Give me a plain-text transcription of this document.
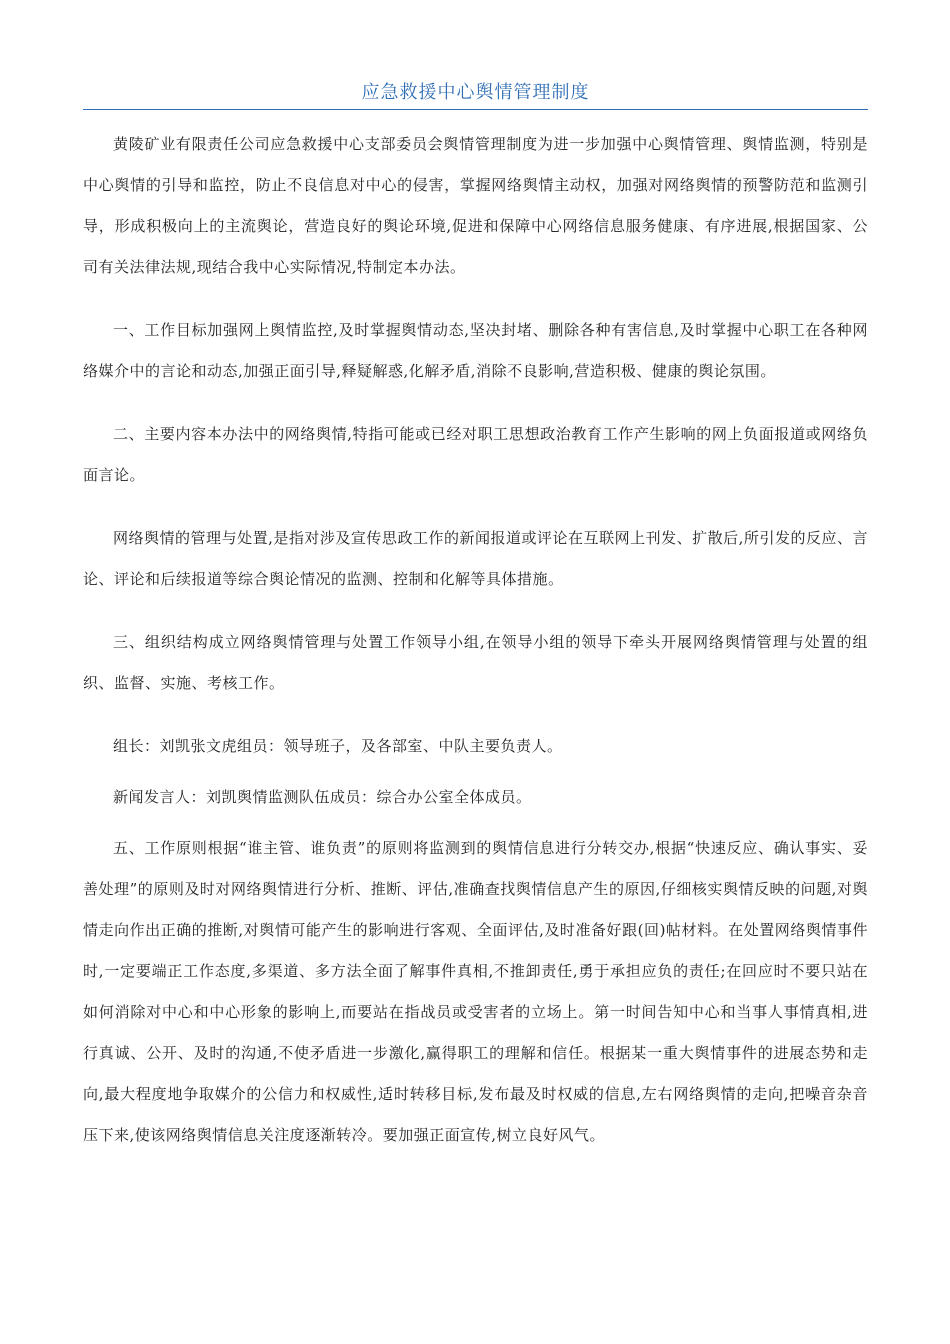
应急救援中心舆情管理制度

黄陵矿业有限责任公司应急救援中心支部委员会舆情管理制度为进一步加强中心舆情管理、舆情监测，特别是中心舆情的引导和监控，防止不良信息对中心的侵害，掌握网络舆情主动权，加强对网络舆情的预警防范和监测引导，形成积极向上的主流舆论，营造良好的舆论环境,促进和保障中心网络信息服务健康、有序进展,根据国家、公司有关法律法规,现结合我中心实际情况,特制定本办法。

一、工作目标加强网上舆情监控,及时掌握舆情动态,坚决封堵、删除各种有害信息,及时掌握中心职工在各种网络媒介中的言论和动态,加强正面引导,释疑解惑,化解矛盾,消除不良影响,营造积极、健康的舆论氛围。

二、主要内容本办法中的网络舆情,特指可能或已经对职工思想政治教育工作产生影响的网上负面报道或网络负面言论。

网络舆情的管理与处置,是指对涉及宣传思政工作的新闻报道或评论在互联网上刊发、扩散后,所引发的反应、言论、评论和后续报道等综合舆论情况的监测、控制和化解等具体措施。

三、组织结构成立网络舆情管理与处置工作领导小组,在领导小组的领导下牵头开展网络舆情管理与处置的组织、监督、实施、考核工作。

组长：刘凯张文虎组员：领导班子，及各部室、中队主要负责人。

新闻发言人：刘凯舆情监测队伍成员：综合办公室全体成员。

五、工作原则根据“谁主管、谁负责”的原则将监测到的舆情信息进行分转交办,根据“快速反应、确认事实、妥善处理”的原则及时对网络舆情进行分析、推断、评估,准确查找舆情信息产生的原因,仔细核实舆情反映的问题,对舆情走向作出正确的推断,对舆情可能产生的影响进行客观、全面评估,及时准备好跟(回)帖材料。在处置网络舆情事件时,一定要端正工作态度,多渠道、多方法全面了解事件真相,不推卸责任,勇于承担应负的责任;在回应时不要只站在如何消除对中心和中心形象的影响上,而要站在指战员或受害者的立场上。第一时间告知中心和当事人事情真相,进行真诚、公开、及时的沟通,不使矛盾进一步激化,赢得职工的理解和信任。根据某一重大舆情事件的进展态势和走向,最大程度地争取媒介的公信力和权威性,适时转移目标,发布最及时权威的信息,左右网络舆情的走向,把噪音杂音压下来,使该网络舆情信息关注度逐渐转冷。要加强正面宣传,树立良好风气。
